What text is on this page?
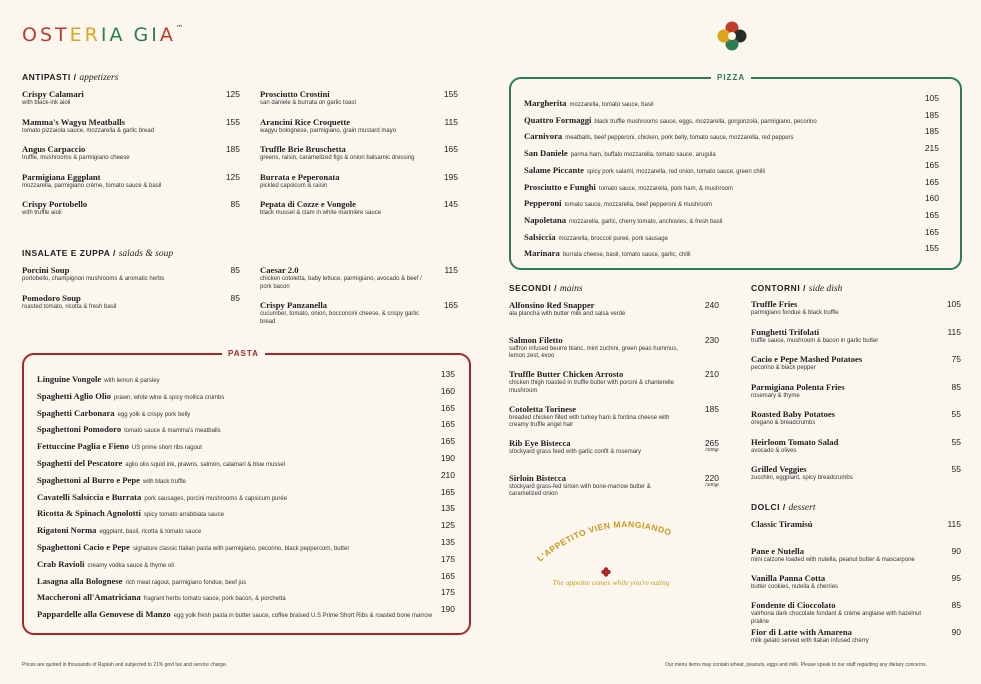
OSTERIA GIA™
ANTIPASTI / appetizers
Crispy Calamari
with black-ink aioli
125
Mamma's Wagyu Meatballs
tomato pizzaiola sauce, mozzarella & garlic bread
155
Angus Carpaccio
truffle, mushrooms & parmigiano cheese
185
Parmigiana Eggplant
mozzarella, parmigiano crème, tomato sauce & basil
125
Crispy Portobello
with truffle aioli
85
Prosciutto Crostini
san daniele & burrata on garlic toast
155
Arancini Rice Croquette
wagyu bolognese, parmigiano, grain mustard mayo
115
Truffle Brie Bruschetta
greens, raisin, caramelized figs & onion balsamic dressing
165
Burrata e Peperonata
pickled capsicum & raisin
195
Pepata di Cozze e Vongole
black mussel & clam in white marinière sauce
145
INSALATE E ZUPPA / salads & soup
Porcini Soup
portobello, champignon mushrooms & aromatic herbs
85
Pomodoro Soup
roasted tomato, ricotta & fresh basil
85
Caesar 2.0
chicken cotoletta, baby lettuce, parmigiano, avocado & beef / pork bacon
115
Crispy Panzanella
cucumber, tomato, onion, bocconcini cheese, & crispy garlic bread
165
PASTA
Linguine Vongole with lemon & parsley
135
Spaghetti Aglio Olio prawn, white wine & spicy mollica crumbs
160
Spaghetti Carbonara egg yolk & crispy pork belly
165
Spaghettoni Pomodoro tomato sauce & mamma's meatballs
165
Fettuccine Paglia e Fieno US prime short ribs ragout
165
Spaghetti del Pescatore aglio olio squid ink, prawns, salmon, calamari & blue mussel
190
Spaghettoni al Burro e Pepe with black truffle
210
Cavatelli Salsiccia e Burrata pork sausages, porcini mushrooms & capsicum purée
165
Ricotta & Spinach Agnolotti spicy tomato arrabbiata sauce
135
Rigatoni Norma eggplant, basil, ricotta & tomato sauce
125
Spaghettoni Cacio e Pepe signature classic Italian pasta with parmigiano, pecorino, black peppercorn, butter
135
Crab Ravioli creamy vodka sauce & thyme oil
175
Lasagna alla Bolognese rich meat ragout, parmigiano fondue, beef jus
165
Maccheroni all'Amatriciana fragrant herbs tomato sauce, pork bacon, & porchetta
175
Pappardelle alla Genovese di Manzo egg yolk fresh pasta in butter sauce, coffee braised U.S Prime Short Ribs & roasted bone marrow
190
PIZZA
Margherita mozzarella, tomato sauce, basil
105
Quattro Formaggi black truffle mushrooms sauce, eggs, mozzarella, gorgonzola, parmigiano, pecorino
185
Carnivora meatballs, beef pepperoni, chicken, pork belly, tomato sauce, mozzarella, red peppers
185
San Daniele parma ham, buffalo mozzarella, tomato sauce, arugula
215
Salame Piccante spicy pork salami, mozzarella, red onion, tomato sauce, green chilli
165
Prosciutto e Funghi tomato sauce, mozzarella, pork ham, & mushroom
165
Pepperoni tomato sauce, mozzarella, beef pepperoni & mushroom
160
Napoletana mozzarella, garlic, cherry tomato, anchovies, & fresh basil
165
Salsiccia mozzarella, broccoli pureé, pork sausage
165
Marinara burrata cheese, basil, tomato sauce, garlic, chilli
155
SECONDI / mains
Alfonsino Red Snapper
ala plancha with butter milk and salsa verde
240
Salmon Filetto
saffron infused beurre blanc, mint zuchini, green peas hummus, lemon zest, evoo
230
Truffle Butter Chicken Arrosto
chicken thigh roasted in truffle butter with porcini & chanterelle mushroom
210
Cotoletta Torinese
breaded chicken filled with turkey ham & fontina cheese with creamy truffle angel hair
185
Rib Eye Bistecca
stockyard grass feed with garlic confit & rosemary
265
/100gr
Sirloin Bistecca
stockyard grass-fed sirloin with bone-marrow butter & caramelized onion
220
/100gr
CONTORNI / side dish
Truffle Fries
parmigiano fondue & black truffle
105
Funghetti Trifolati
truffle sauce, mushroom & bacon in garlic butter
115
Cacio e Pepe Mashed Potatoes
pecorino & black pepper
75
Parmigiana Polenta Fries
rosemary & thyme
85
Roasted Baby Potatoes
oregano & breadcrumbs
55
Heirloom Tomato Salad
avocado & olives
55
Grilled Veggies
zucchini, eggplant, spicy breadcrumbs
55
DOLCI / dessert
Classic Tiramisú	115
Pane e Nutella
mini calzone loaded with nutella, peanut butter & mascarpone
90
Vanilla Panna Cotta
butter cookies, nutella & cherries
95
Fondente di Cioccolato
valrhona dark chocolate fondant & crème anglaise with hazelnut praline
85
Fior di Latte with Amarena
milk gelato served with Italian infused cherry
90
L'APPETITO VIEN MANGIANDO
The appetite comes while you're eating
Prices are quoted in thousands of Rupiah and subjected to 21% govt tax and service charge.	Our menu items may contain wheat, peanuts, eggs and milk. Please speak to our staff regarding any dietary concerns.
